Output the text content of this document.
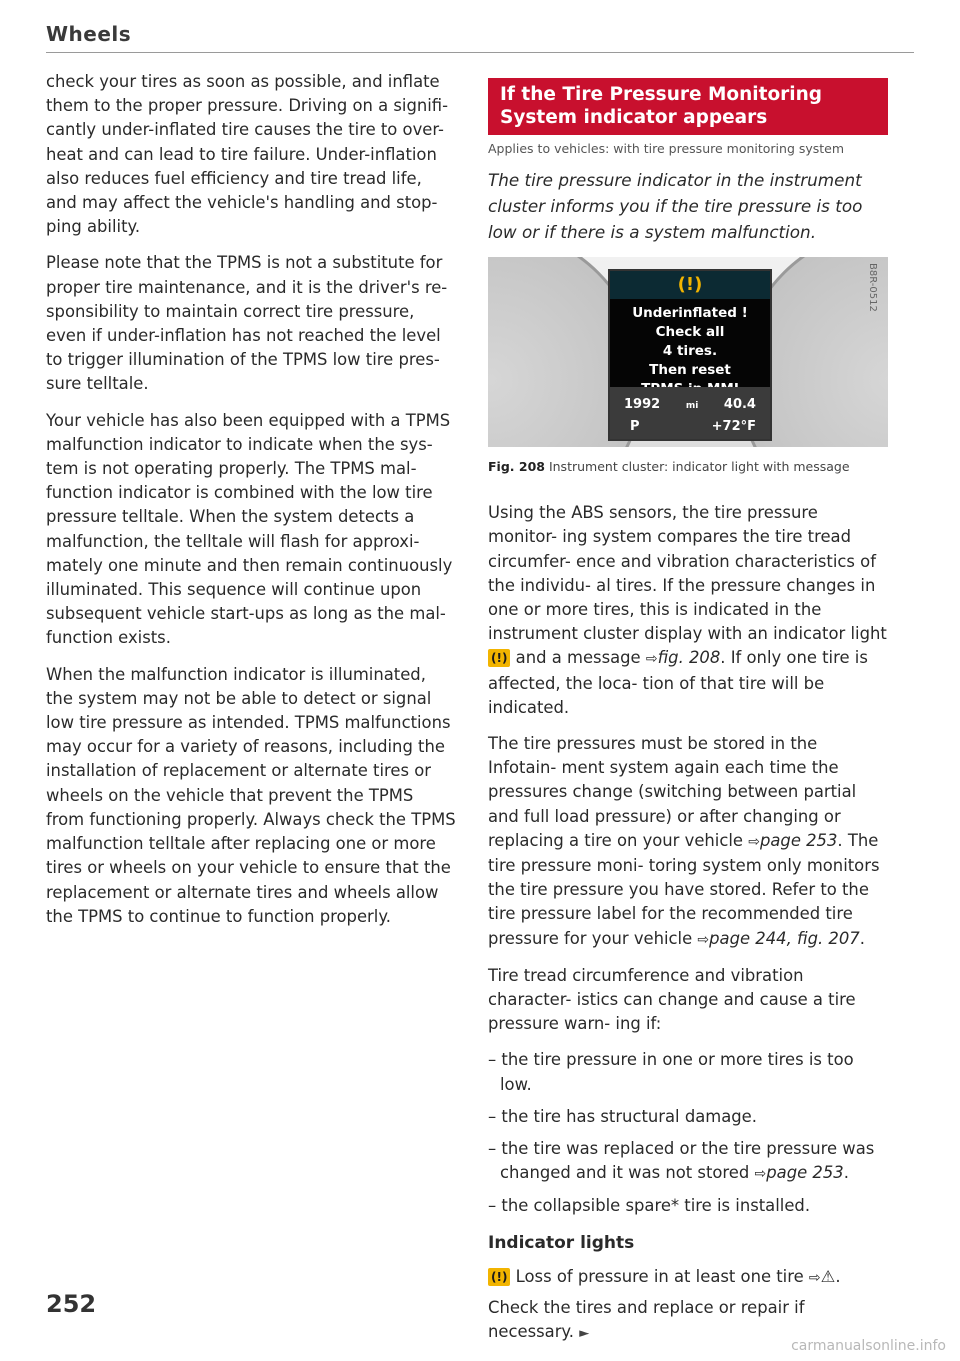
Wheels

check your tires as soon as possible, and inflate them to the proper pressure. Driving on a signifi- cantly under-inflated tire causes the tire to over- heat and can lead to tire failure. Under-inflation also reduces fuel efficiency and tire tread life, and may affect the vehicle's handling and stop- ping ability.

Please note that the TPMS is not a substitute for proper tire maintenance, and it is the driver's re- sponsibility to maintain correct tire pressure, even if under-inflation has not reached the level to trigger illumination of the TPMS low tire pres- sure telltale.

Your vehicle has also been equipped with a TPMS malfunction indicator to indicate when the sys- tem is not operating properly. The TPMS mal- function indicator is combined with the low tire pressure telltale. When the system detects a malfunction, the telltale will flash for approxi- mately one minute and then remain continuously illuminated. This sequence will continue upon subsequent vehicle start-ups as long as the mal- function exists.

When the malfunction indicator is illuminated, the system may not be able to detect or signal low tire pressure as intended. TPMS malfunctions may occur for a variety of reasons, including the installation of replacement or alternate tires or wheels on the vehicle that prevent the TPMS from functioning properly. Always check the TPMS malfunction telltale after replacing one or more tires or wheels on your vehicle to ensure that the replacement or alternate tires and wheels allow the TPMS to continue to function properly.

If the Tire Pressure Monitoring System indicator appears
Applies to vehicles: with tire pressure monitoring system

The tire pressure indicator in the instrument cluster informs you if the tire pressure is too low or if there is a system malfunction.

(!)
Underinflated !
Check all
4 tires.
Then reset
1992	mi 40.4
P	+72°F
B8R-0512
Fig. 208 Instrument cluster: indicator light with message

Using the ABS sensors, the tire pressure monitor- ing system compares the tire tread circumfer- ence and vibration characteristics of the individu- al tires. If the pressure changes in one or more tires, this is indicated in the instrument cluster display with an indicator light (!) and a message ⇨fig. 208. If only one tire is affected, the loca- tion of that tire will be indicated.

The tire pressures must be stored in the Infotain- ment system again each time the pressures change (switching between partial and full load pressure) or after changing or replacing a tire on your vehicle ⇨page 253. The tire pressure moni- toring system only monitors the tire pressure you have stored. Refer to the tire pressure label for the recommended tire pressure for your vehicle ⇨page 244, fig. 207.

Tire tread circumference and vibration character- istics can change and cause a tire pressure warn- ing if:

– the tire pressure in one or more tires is too low.
– the tire has structural damage.
– the tire was replaced or the tire pressure was changed and it was not stored ⇨page 253.
– the collapsible spare* tire is installed.
Indicator lights

(!) Loss of pressure in at least one tire ⇨⚠.

Check the tires and replace or repair if necessary. ►

252
carmanualsonline.info
